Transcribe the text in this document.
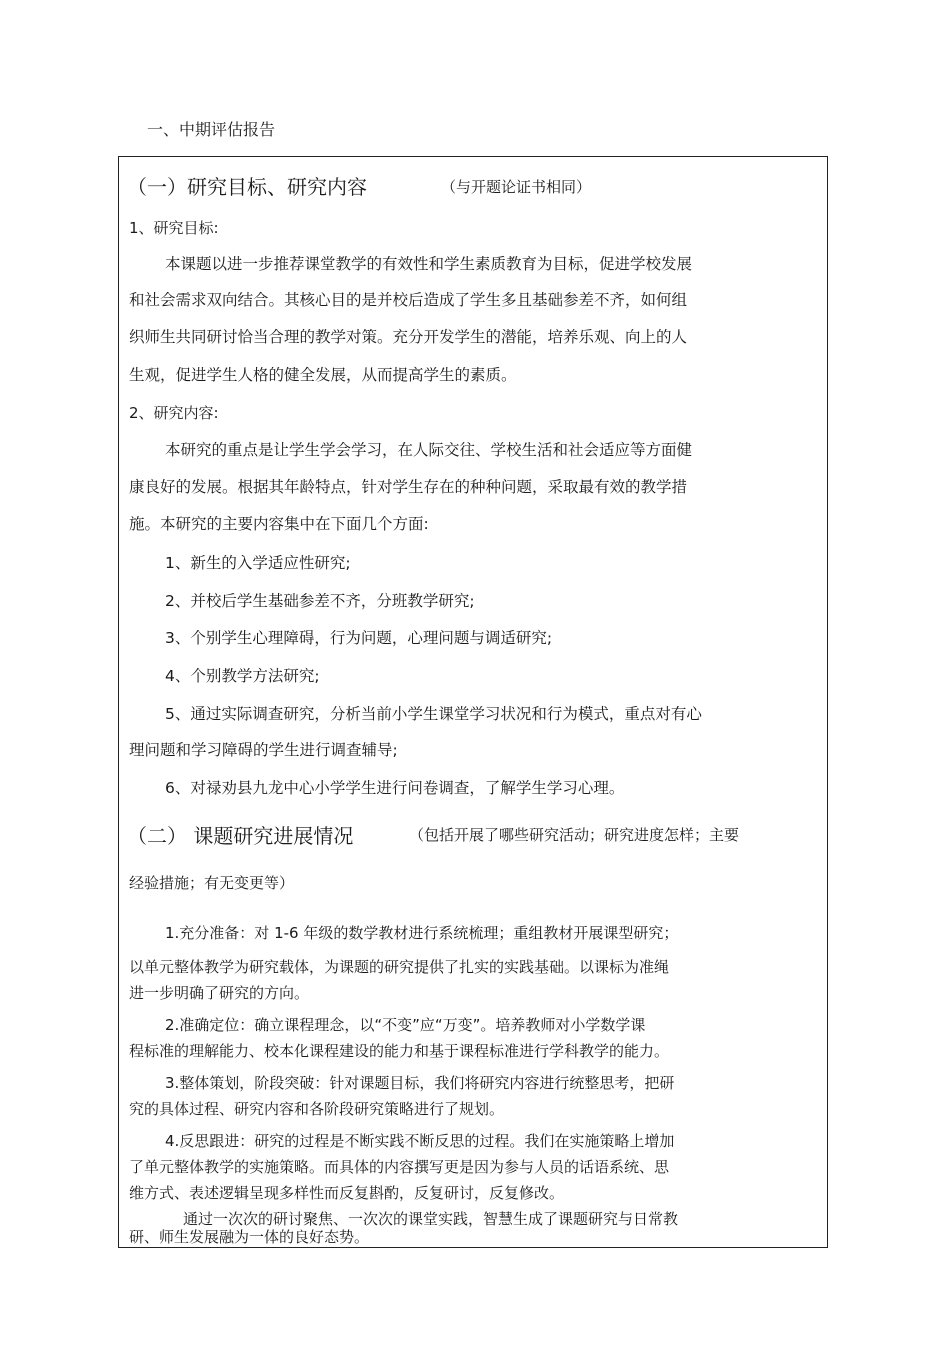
一、中期评估报告
（一）研究目标、研究内容	（与开题论证书相同）
1、研究目标:
本课题以进一步推荐课堂教学的有效性和学生素质教育为目标，促进学校发展
和社会需求双向结合。其核心目的是并校后造成了学生多且基础参差不齐，如何组
织师生共同研讨恰当合理的教学对策。充分开发学生的潜能，培养乐观、向上的人
生观，促进学生人格的健全发展，从而提高学生的素质。
2、研究内容:
本研究的重点是让学生学会学习，在人际交往、学校生活和社会适应等方面健
康良好的发展。根据其年龄特点，针对学生存在的种种问题，采取最有效的教学措
施。本研究的主要内容集中在下面几个方面:
1、新生的入学适应性研究;
2、并校后学生基础参差不齐，分班教学研究;
3、个别学生心理障碍，行为问题，心理问题与调适研究;
4、个别教学方法研究;
5、通过实际调查研究，分析当前小学生课堂学习状况和行为模式，重点对有心
理问题和学习障碍的学生进行调查辅导;
6、对禄劝县九龙中心小学学生进行问卷调查，了解学生学习心理。
（二） 课题研究进展情况	（包括开展了哪些研究活动；研究进度怎样；主要
经验措施；有无变更等）
1.充分准备：对 1-6 年级的数学教材进行系统梳理；重组教材开展课型研究；
以单元整体教学为研究载体，为课题的研究提供了扎实的实践基础。以课标为准绳
进一步明确了研究的方向。
2.准确定位：确立课程理念，以“不变”应“万变”。培养教师对小学数学课
程标准的理解能力、校本化课程建设的能力和基于课程标准进行学科教学的能力。
3.整体策划，阶段突破：针对课题目标，我们将研究内容进行统整思考，把研
究的具体过程、研究内容和各阶段研究策略进行了规划。
4.反思跟进：研究的过程是不断实践不断反思的过程。我们在实施策略上增加
了单元整体教学的实施策略。而具体的内容撰写更是因为参与人员的话语系统、思
维方式、表述逻辑呈现多样性而反复斟酌，反复研讨，反复修改。
通过一次次的研讨聚焦、一次次的课堂实践，智慧生成了课题研究与日常教
研、师生发展融为一体的良好态势。
